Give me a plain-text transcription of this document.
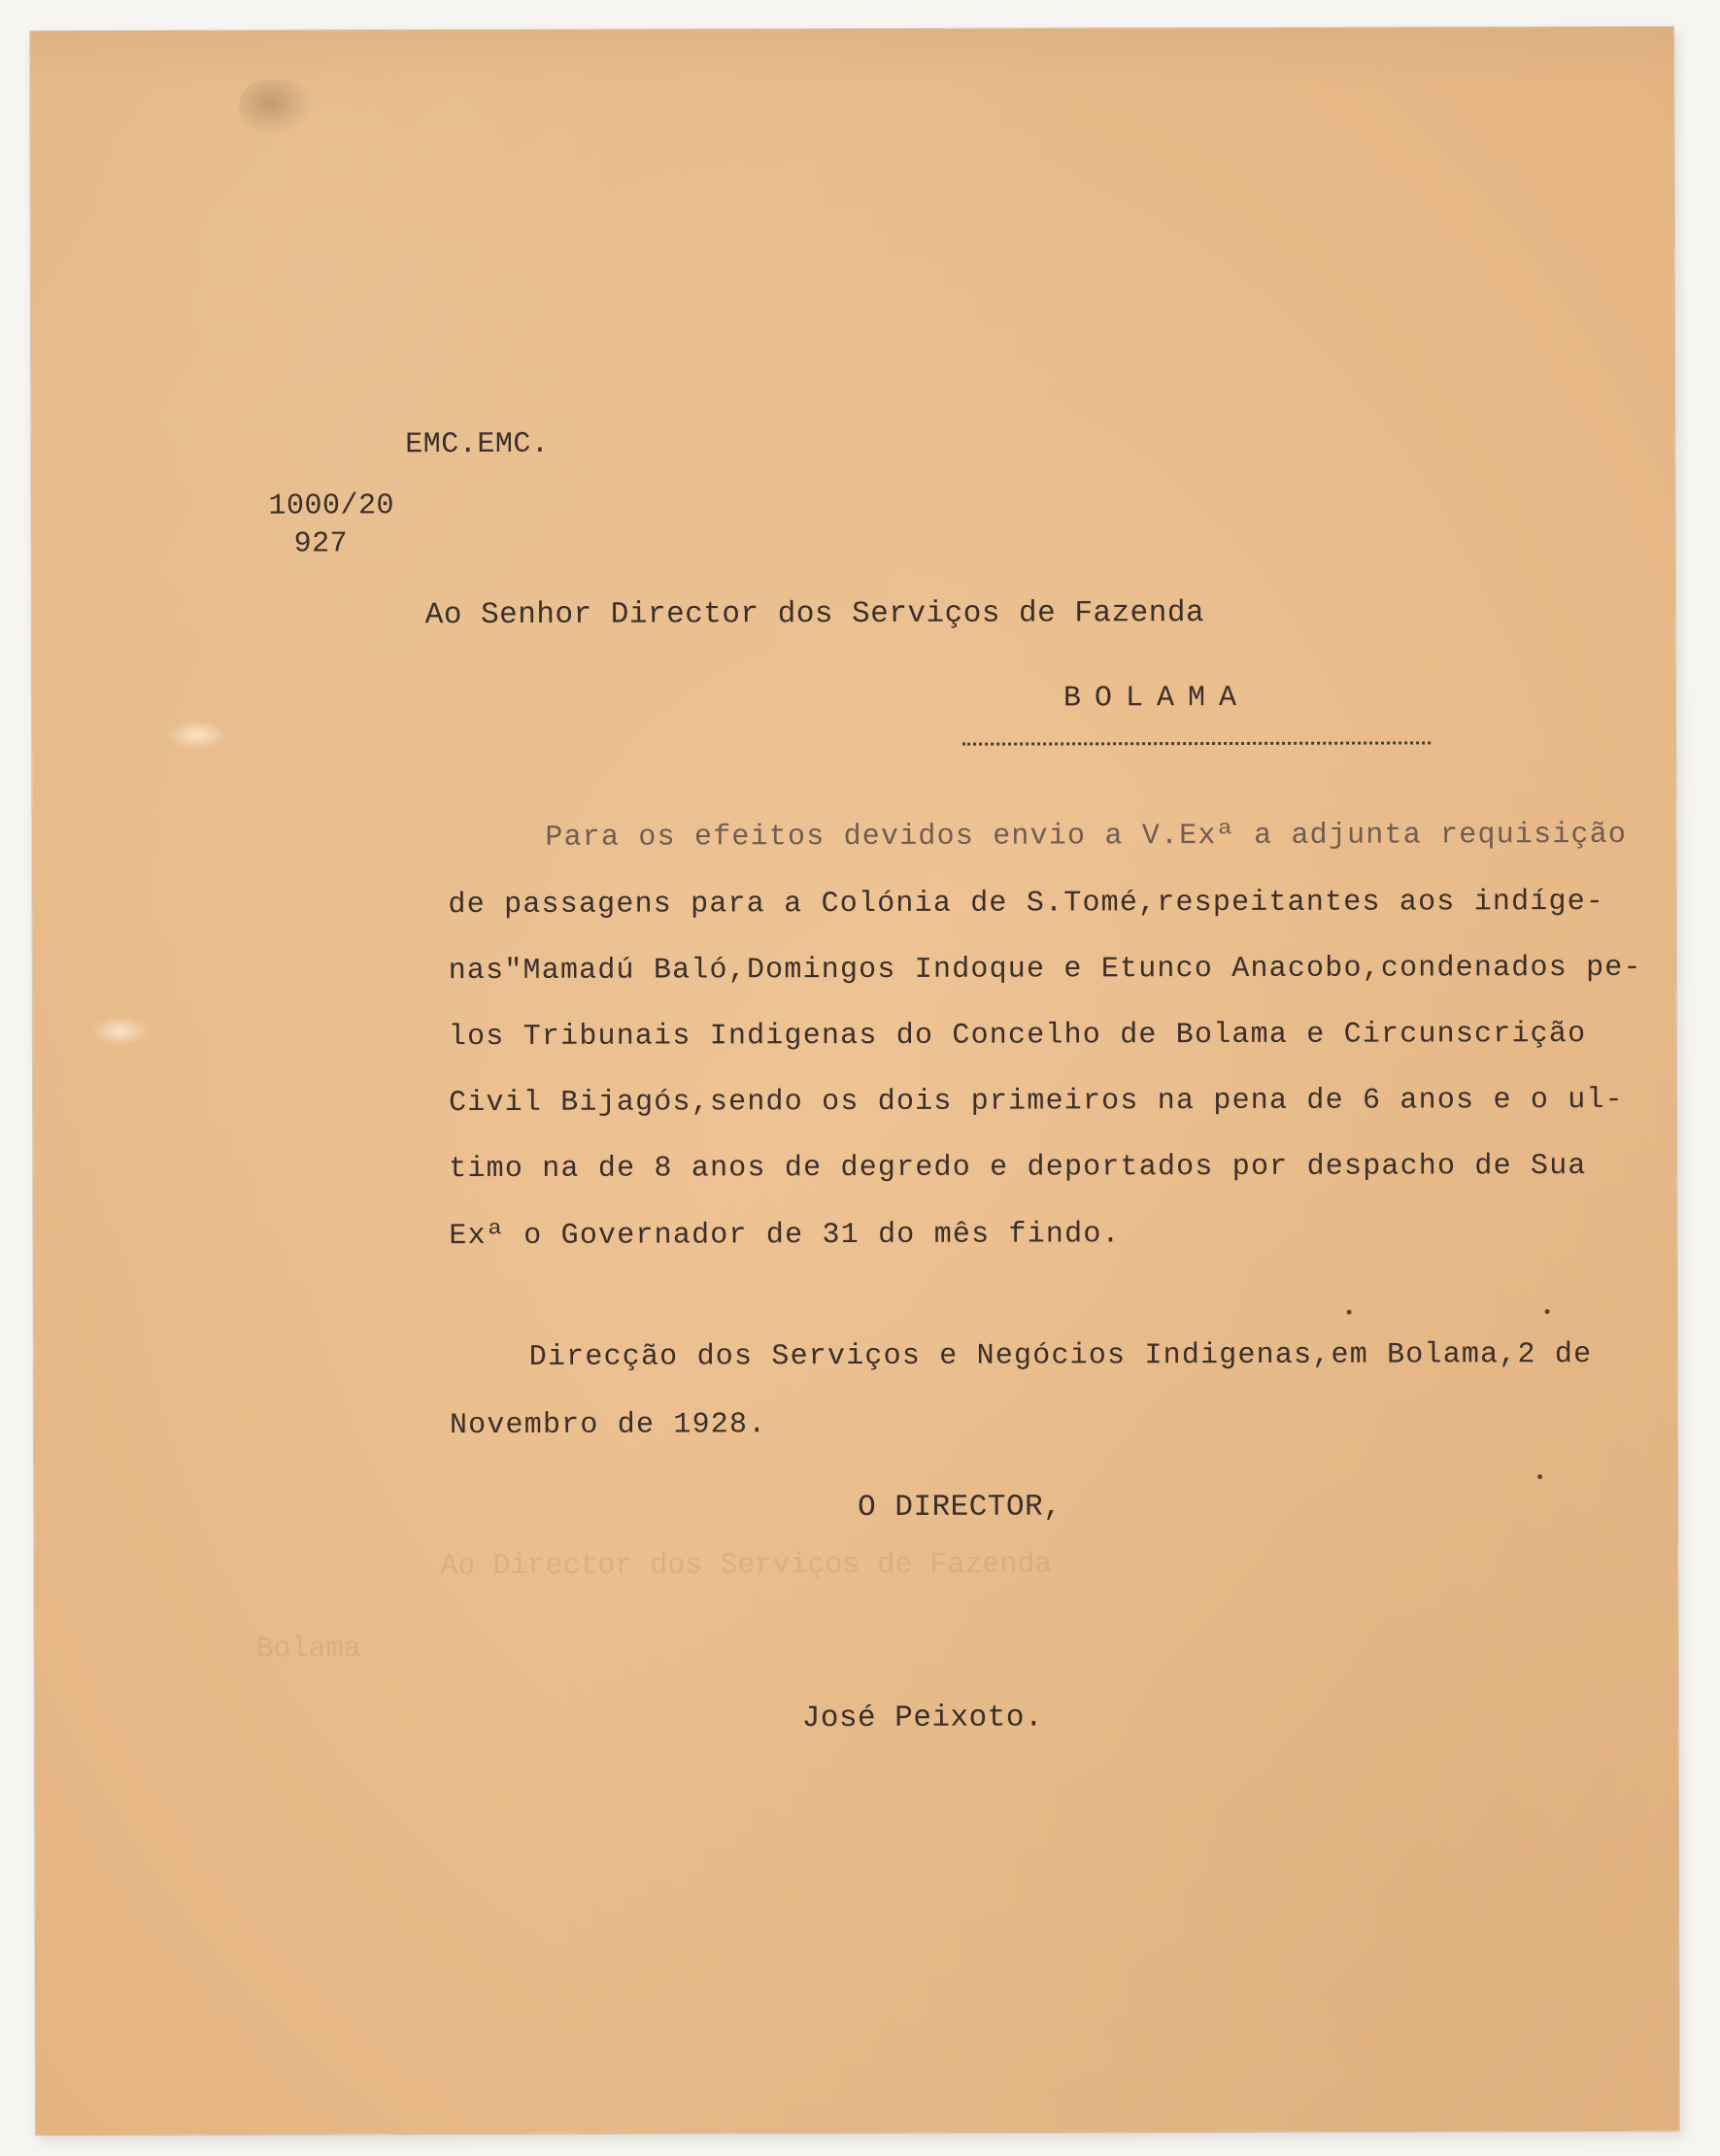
EMC.EMC.
1000/20
927
Ao Senhor Director dos Serviços de Fazenda
BOLAMA
Para os efeitos devidos envio a V.Exª a adjunta requisição
de passagens para a Colónia de S.Tomé,respeitantes aos indíge-
nas"Mamadú Baló,Domingos Indoque e Etunco Anacobo,condenados pe-
los Tribunais Indigenas do Concelho de Bolama e Circunscrição
Civil Bijagós,sendo os dois primeiros na pena de 6 anos e o ul-
timo na de 8 anos de degredo e deportados por despacho de Sua
Exª o Governador de 31 do mês findo.
Direcção dos Serviços e Negócios Indigenas,em Bolama,2 de
Novembro de 1928.
Ao Director dos Serviços de Fazenda
Bolama
O DIRECTOR,
José Peixoto.
